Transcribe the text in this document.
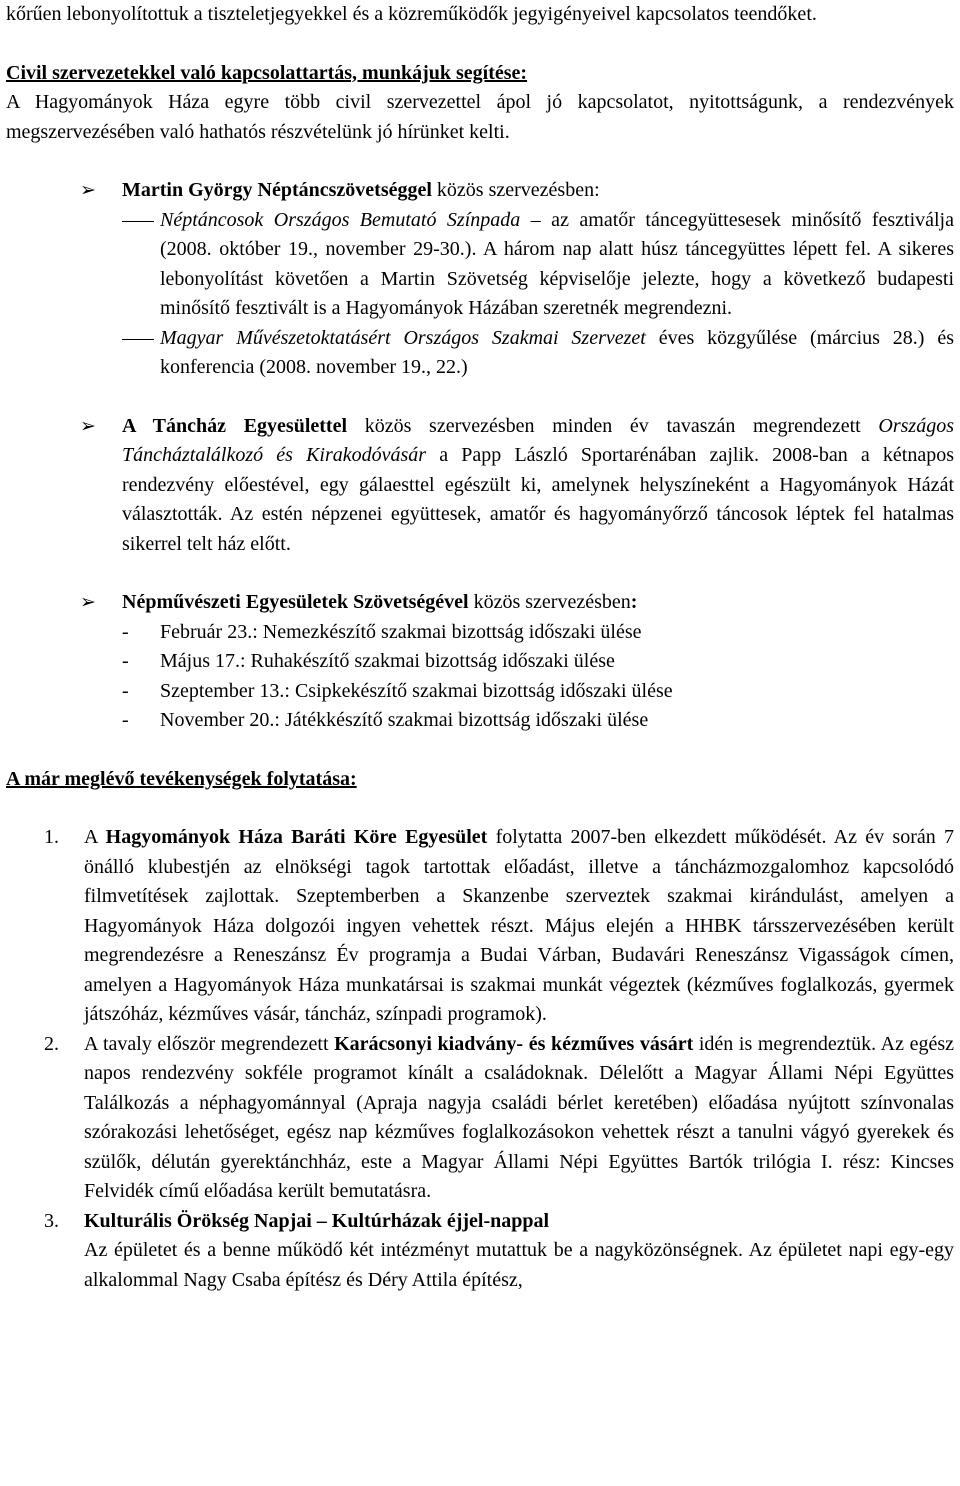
kőrűen lebonyolítottuk a tiszteletjegyekkel és a közreműködők jegyigényeivel kapcsolatos teendőket.

Civil szervezetekkel való kapcsolattartás, munkájuk segítése:

A Hagyományok Háza egyre több civil szervezettel ápol jó kapcsolatot, nyitottságunk, a rendezvények megszervezésében való hathatós részvételünk jó hírünket kelti.

➢	Martin György Néptáncszövetséggel közös szervezésben:

Néptáncosok Országos Bemutató Színpada – az amatőr táncegyüttesesek minősítő fesztiválja (2008. október 19., november 29-30.). A három nap alatt húsz táncegyüttes lépett fel. A sikeres lebonyolítást követően a Martin Szövetség képviselője jelezte, hogy a következő budapesti minősítő fesztivált is a Hagyományok Házában szeretnék megrendezni.

Magyar Művészetoktatásért Országos Szakmai Szervezet éves közgyűlése (március 28.) és konferencia (2008. november 19., 22.)

➢	A Táncház Egyesülettel közös szervezésben minden év tavaszán megrendezett Országos Táncháztalálkozó és Kirakodóvásár a Papp László Sportarénában zajlik. 2008-ban a kétnapos rendezvény előestével, egy gálaesttel egészült ki, amelynek helyszíneként a Hagyományok Házát választották. Az estén népzenei együttesek, amatőr és hagyományőrző táncosok léptek fel hatalmas sikerrel telt ház előtt.

➢	Népművészeti Egyesületek Szövetségével közös szervezésben:

-	Február 23.: Nemezkészítő szakmai bizottság időszaki ülése

-	Május 17.: Ruhakészítő szakmai bizottság időszaki ülése

-	Szeptember 13.: Csipkekészítő szakmai bizottság időszaki ülése

-	November 20.: Játékkészítő szakmai bizottság időszaki ülése

A már meglévő tevékenységek folytatása:

1.	A Hagyományok Háza Baráti Köre Egyesület folytatta 2007-ben elkezdett működését. Az év során 7 önálló klubestjén az elnökségi tagok tartottak előadást, illetve a táncházmozgalomhoz kapcsolódó filmvetítések zajlottak. Szeptemberben a Skanzenbe szerveztek szakmai kirándulást, amelyen a Hagyományok Háza dolgozói ingyen vehettek részt. Május elején a HHBK társszervezésében került megrendezésre a Reneszánsz Év programja a Budai Várban, Budavári Reneszánsz Vigasságok címen, amelyen a Hagyományok Háza munkatársai is szakmai munkát végeztek (kézműves foglalkozás, gyermek játszóház, kézműves vásár, táncház, színpadi programok).

2.	A tavaly először megrendezett Karácsonyi kiadvány- és kézműves vásárt idén is megrendeztük. Az egész napos rendezvény sokféle programot kínált a családoknak. Délelőtt a Magyar Állami Népi Együttes Találkozás a néphagyománnyal (Apraja nagyja családi bérlet keretében) előadása nyújtott színvonalas szórakozási lehetőséget, egész nap kézműves foglalkozásokon vehettek részt a tanulni vágyó gyerekek és szülők, délután gyerektánchház, este a Magyar Állami Népi Együttes Bartók trilógia I. rész: Kincses Felvidék című előadása került bemutatásra.

3.	Kulturális Örökség Napjai – Kultúrházak éjjel-nappal

Az épületet és a benne működő két intézményt mutattuk be a nagyközönségnek. Az épületet napi egy-egy alkalommal Nagy Csaba építész és Déry Attila építész,
